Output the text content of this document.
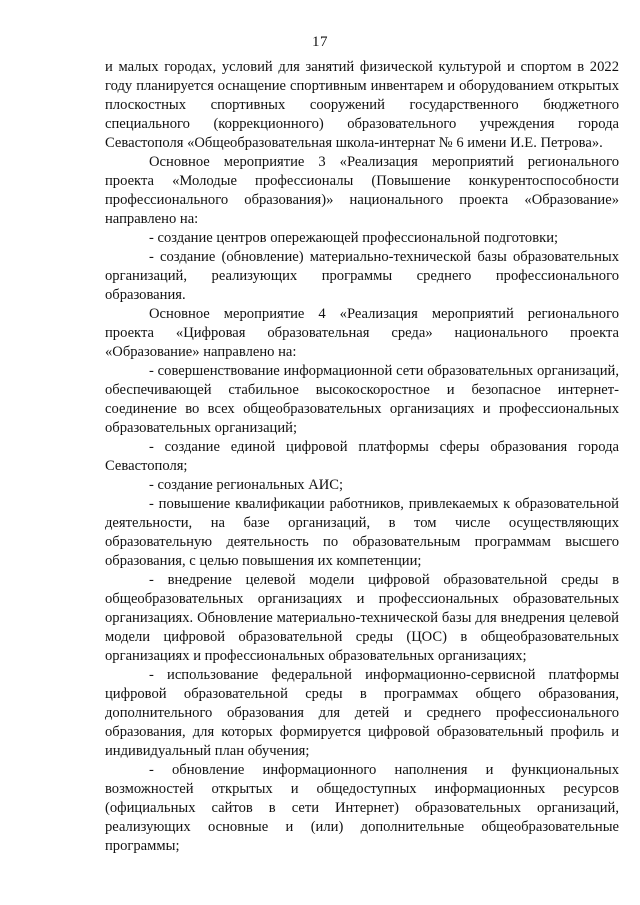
17

и малых городах, условий для занятий физической культурой и спортом в 2022 году планируется оснащение спортивным инвентарем и оборудованием открытых плоскостных спортивных сооружений государственного бюджетного специального (коррекционного) образовательного учреждения города Севастополя «Общеобразовательная школа-интернат № 6 имени И.Е. Петрова».

Основное мероприятие 3 «Реализация мероприятий регионального проекта «Молодые профессионалы (Повышение конкурентоспособности профессионального образования)» национального проекта «Образование» направлено на:

- создание центров опережающей профессиональной подготовки;

- создание (обновление) материально-технической базы образовательных организаций, реализующих программы среднего профессионального образования.

Основное мероприятие 4 «Реализация мероприятий регионального проекта «Цифровая образовательная среда» национального проекта «Образование» направлено на:

- совершенствование информационной сети образовательных организаций, обеспечивающей стабильное высокоскоростное и безопасное интернет-соединение во всех общеобразовательных организациях и профессиональных образовательных организаций;

- создание единой цифровой платформы сферы образования города Севастополя;

- создание региональных АИС;

- повышение квалификации работников, привлекаемых к образовательной деятельности, на базе организаций, в том числе осуществляющих образовательную деятельность по образовательным программам высшего образования, с целью повышения их компетенции;

- внедрение целевой модели цифровой образовательной среды в общеобразовательных организациях и профессиональных образовательных организациях. Обновление материально-технической базы для внедрения целевой модели цифровой образовательной среды (ЦОС) в общеобразовательных организациях и профессиональных образовательных организациях;

- использование федеральной информационно-сервисной платформы цифровой образовательной среды в программах общего образования, дополнительного образования для детей и среднего профессионального образования, для которых формируется цифровой образовательный профиль и индивидуальный план обучения;

- обновление информационного наполнения и функциональных возможностей открытых и общедоступных информационных ресурсов (официальных сайтов в сети Интернет) образовательных организаций, реализующих основные и (или) дополнительные общеобразовательные программы;
